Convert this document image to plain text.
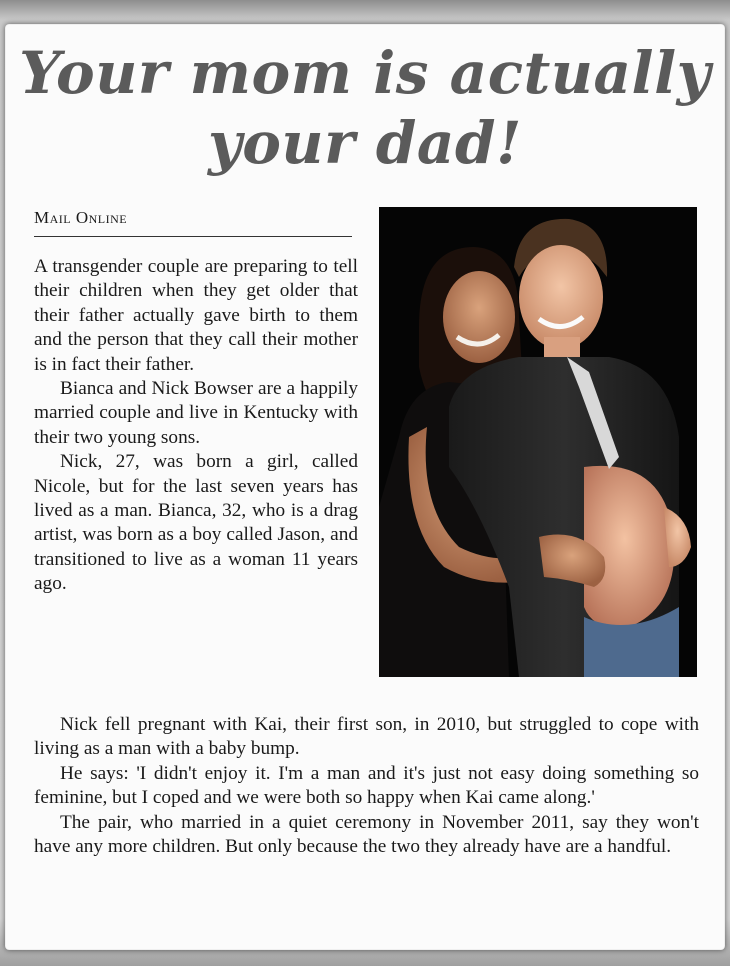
Your mom is actually
your dad!
Mail Online

A transgender couple are preparing to tell their children when they get older that their father actually gave birth to them and the person that they call their mother is in fact their father.

Bianca and Nick Bowser are a happily married couple and live in Kentucky with their two young sons.

Nick, 27, was born a girl, called Nicole, but for the last seven years has lived as a man. Bianca, 32, who is a drag artist, was born as a boy called Jason, and transitioned to live as a woman 11 years ago.

Nick fell pregnant with Kai, their first son, in 2010, but struggled to cope with living as a man with a baby bump.

He says: 'I didn't enjoy it. I'm a man and it's just not easy doing something so feminine, but I coped and we were both so happy when Kai came along.'

The pair, who married in a quiet ceremony in November 2011, say they won't have any more children. But only because the two they already have are a handful.
